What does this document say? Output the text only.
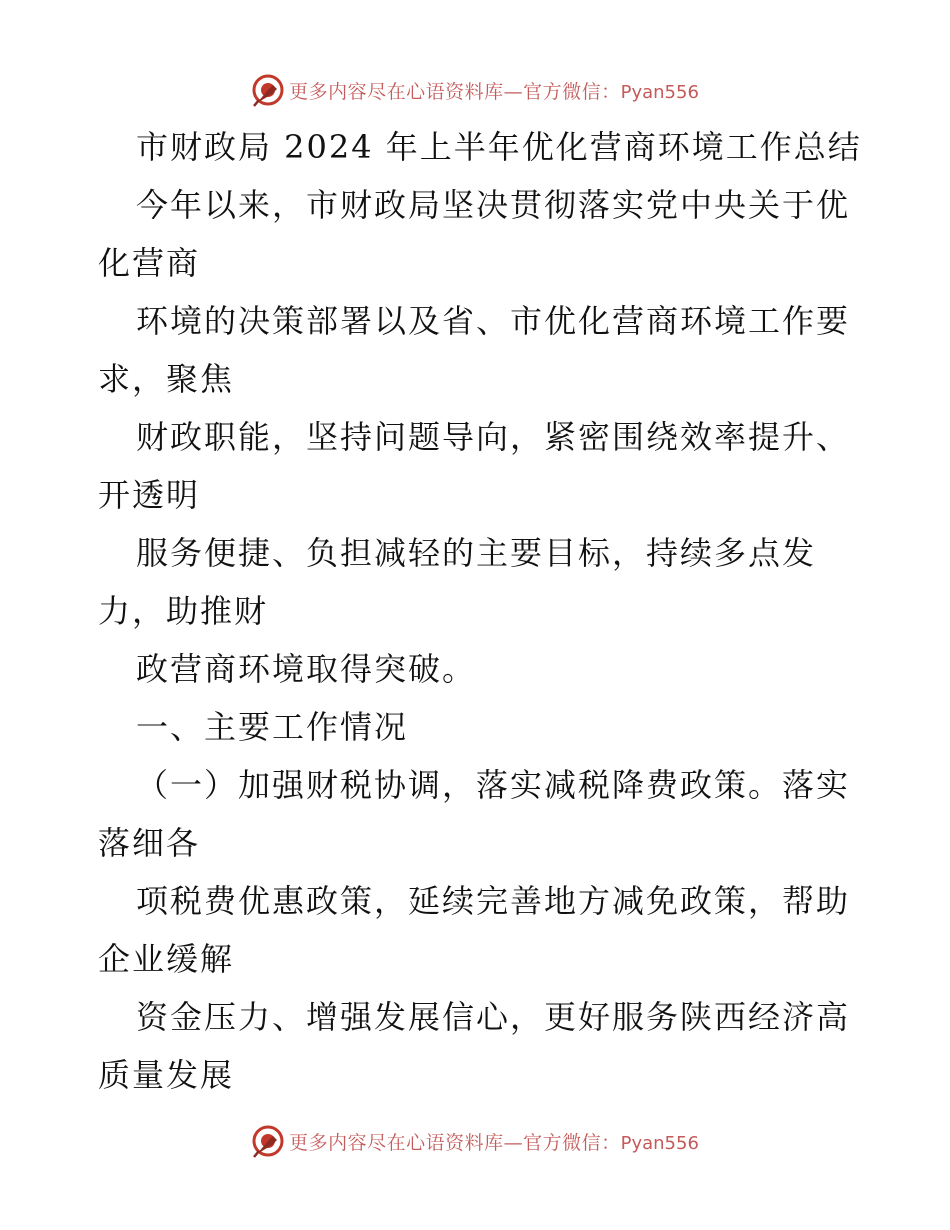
更多内容尽在心语资料库—官方微信：Pyan556
市财政局 2024 年上半年优化营商环境工作总结
今年以来，市财政局坚决贯彻落实党中央关于优
化营商
环境的决策部署以及省、市优化营商环境工作要
求，聚焦
财政职能，坚持问题导向，紧密围绕效率提升、
开透明
服务便捷、负担减轻的主要目标，持续多点发
力，助推财
政营商环境取得突破。
一、主要工作情况
（一）加强财税协调，落实减税降费政策。落实
落细各
项税费优惠政策，延续完善地方减免政策，帮助
企业缓解
资金压力、增强发展信心，更好服务陕西经济高
质量发展
更多内容尽在心语资料库—官方微信：Pyan556
